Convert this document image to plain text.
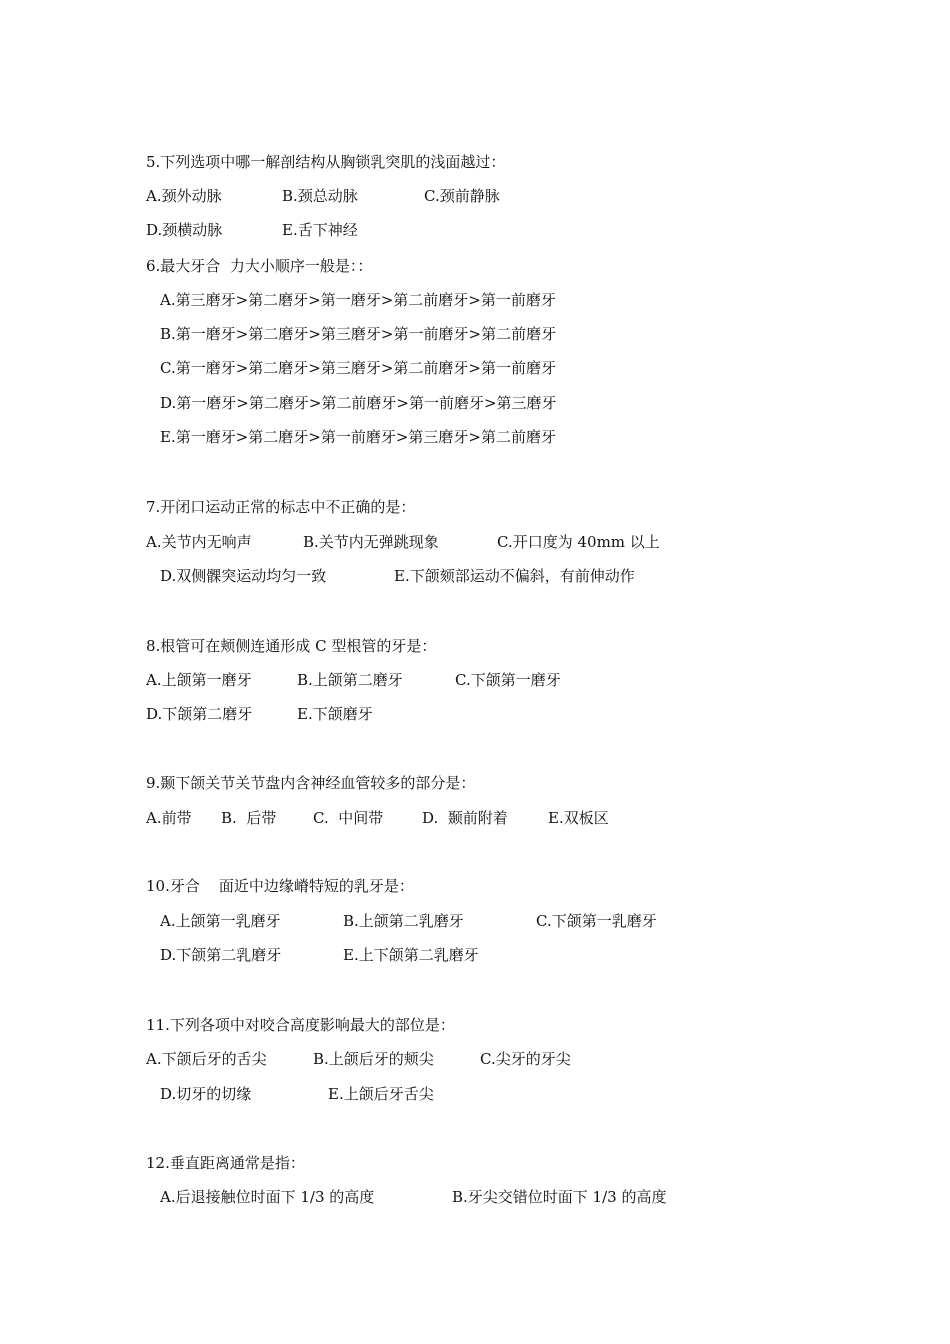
5.下列选项中哪一解剖结构从胸锁乳突肌的浅面越过：
A.颈外动脉	B.颈总动脉	C.颈前静脉
D.颈横动脉	E.舌下神经
6.最大牙合  力大小顺序一般是：：
A.第三磨牙>第二磨牙>第一磨牙>第二前磨牙>第一前磨牙
B.第一磨牙>第二磨牙>第三磨牙>第一前磨牙>第二前磨牙
C.第一磨牙>第二磨牙>第三磨牙>第二前磨牙>第一前磨牙
D.第一磨牙>第二磨牙>第二前磨牙>第一前磨牙>第三磨牙
E.第一磨牙>第二磨牙>第一前磨牙>第三磨牙>第二前磨牙
7.开闭口运动正常的标志中不正确的是：
A.关节内无响声	B.关节内无弹跳现象	C.开口度为 40mm 以上
D.双侧髁突运动均匀一致	E.下颌颏部运动不偏斜，有前伸动作
8.根管可在颊侧连通形成 C 型根管的牙是：
A.上颌第一磨牙	B.上颌第二磨牙	C.下颌第一磨牙
D.下颌第二磨牙	E.下颌磨牙
9.颞下颌关节关节盘内含神经血管较多的部分是：
A.前带 B.  后带 C.  中间带	D.  颞前附着	E.双板区
10.牙合    面近中边缘嵴特短的乳牙是：
A.上颌第一乳磨牙	B.上颌第二乳磨牙	C.下颌第一乳磨牙
D.下颌第二乳磨牙	E.上下颌第二乳磨牙
11.下列各项中对咬合高度影响最大的部位是：
A.下颌后牙的舌尖	B.上颌后牙的颊尖	C.尖牙的牙尖
D.切牙的切缘	E.上颌后牙舌尖
12.垂直距离通常是指：
A.后退接触位时面下 1/3 的高度	B.牙尖交错位时面下 1/3 的高度
